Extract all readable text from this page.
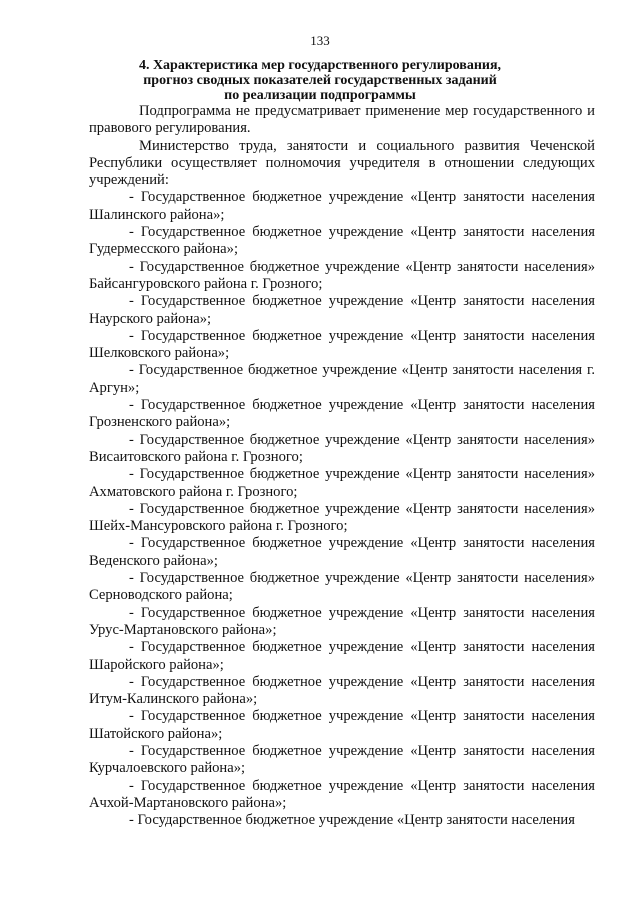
133
4. Характеристика мер государственного регулирования,
прогноз сводных показателей государственных заданий
по реализации подпрограммы

Подпрограмма не предусматривает применение мер государственного и правового регулирования.

Министерство труда, занятости и социального развития Чеченской Республики осуществляет полномочия учредителя в отношении следующих учреждений:

- Государственное бюджетное учреждение «Центр занятости населения Шалинского района»;

- Государственное бюджетное учреждение «Центр занятости населения Гудермесского района»;

- Государственное бюджетное учреждение «Центр занятости населения» Байсангуровского района г. Грозного;

- Государственное бюджетное учреждение «Центр занятости населения Наурского района»;

- Государственное бюджетное учреждение «Центр занятости населения Шелковского района»;

- Государственное бюджетное учреждение «Центр занятости населения г. Аргун»;

- Государственное бюджетное учреждение «Центр занятости населения Грозненского района»;

- Государственное бюджетное учреждение «Центр занятости населения» Висаитовского района г. Грозного;

- Государственное бюджетное учреждение «Центр занятости населения» Ахматовского района г. Грозного;

- Государственное бюджетное учреждение «Центр занятости населения» Шейх-Мансуровского района г. Грозного;

- Государственное бюджетное учреждение «Центр занятости населения Веденского района»;

- Государственное бюджетное учреждение «Центр занятости населения» Серноводского района;

- Государственное бюджетное учреждение «Центр занятости населения Урус-Мартановского района»;

- Государственное бюджетное учреждение «Центр занятости населения Шаройского района»;

- Государственное бюджетное учреждение «Центр занятости населения Итум-Калинского района»;

- Государственное бюджетное учреждение «Центр занятости населения Шатойского района»;

- Государственное бюджетное учреждение «Центр занятости населения Курчалоевского района»;

- Государственное бюджетное учреждение «Центр занятости населения Ачхой-Мартановского района»;

- Государственное бюджетное учреждение «Центр занятости населения
